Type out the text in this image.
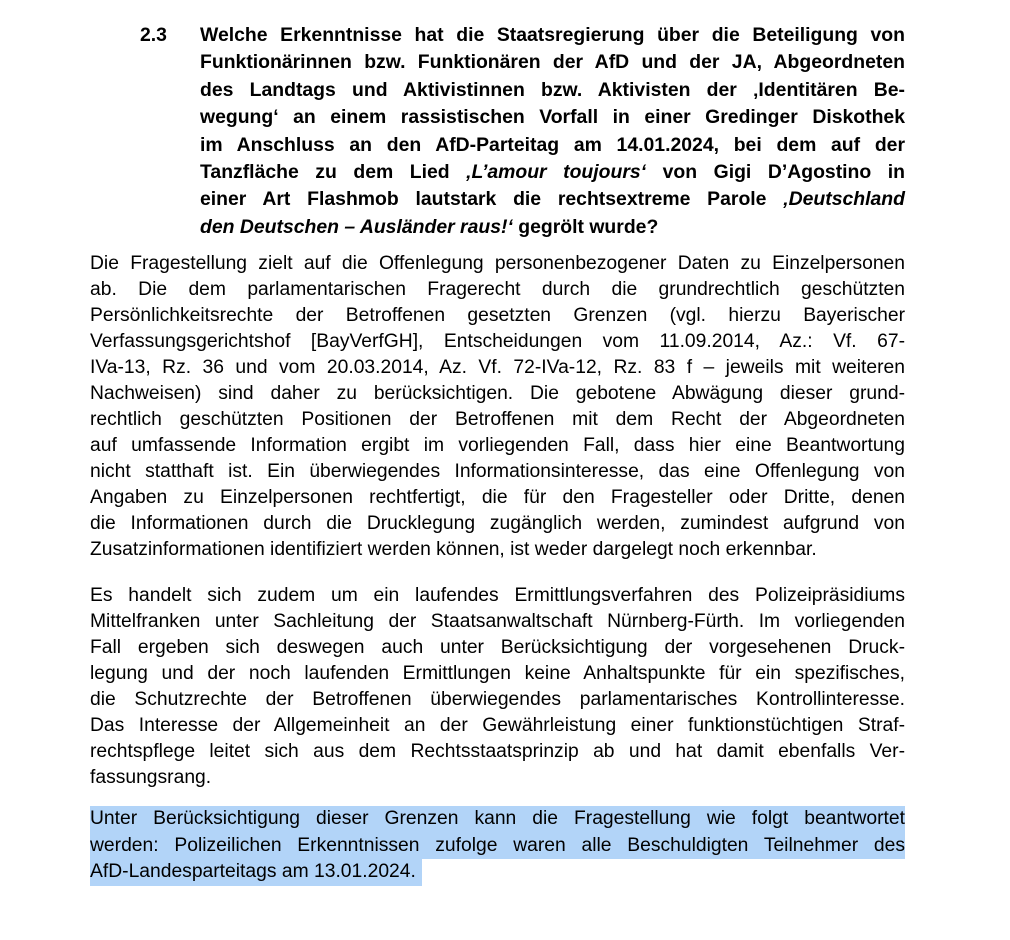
2.3	Welche Erkenntnisse hat die Staatsregierung über die Beteiligung von
Funktionärinnen bzw. Funktionären der AfD und der JA, Abgeordneten
des Landtags und Aktivistinnen bzw. Aktivisten der ‚Identitären Be-
wegung‘ an einem rassistischen Vorfall in einer Gredinger Diskothek
im Anschluss an den AfD-Parteitag am 14.01.2024, bei dem auf der
Tanzfläche zu dem Lied ‚L’amour toujours‘ von Gigi D’Agostino in
einer Art Flashmob lautstark die rechtsextreme Parole ‚Deutschland
den Deutschen – Ausländer raus!‘ gegrölt wurde?
Die Fragestellung zielt auf die Offenlegung personenbezogener Daten zu Einzelpersonen
ab. Die dem parlamentarischen Fragerecht durch die grundrechtlich geschützten
Persönlichkeitsrechte der Betroffenen gesetzten Grenzen (vgl. hierzu Bayerischer
Verfassungsgerichtshof [BayVerfGH], Entscheidungen vom 11.09.2014, Az.: Vf. 67-
IVa-13, Rz. 36 und vom 20.03.2014, Az. Vf. 72-IVa-12, Rz. 83 f – jeweils mit weiteren
Nachweisen) sind daher zu berücksichtigen. Die gebotene Abwägung dieser grund-
rechtlich geschützten Positionen der Betroffenen mit dem Recht der Abgeordneten
auf umfassende Information ergibt im vorliegenden Fall, dass hier eine Beantwortung
nicht statthaft ist. Ein überwiegendes Informationsinteresse, das eine Offenlegung von
Angaben zu Einzelpersonen rechtfertigt, die für den Fragesteller oder Dritte, denen
die Informationen durch die Drucklegung zugänglich werden, zumindest aufgrund von
Zusatzinformationen identifiziert werden können, ist weder dargelegt noch erkennbar.
Es handelt sich zudem um ein laufendes Ermittlungsverfahren des Polizeipräsidiums
Mittelfranken unter Sachleitung der Staatsanwaltschaft Nürnberg-Fürth. Im vorliegenden
Fall ergeben sich deswegen auch unter Berücksichtigung der vorgesehenen Druck-
legung und der noch laufenden Ermittlungen keine Anhaltspunkte für ein spezifisches,
die Schutzrechte der Betroffenen überwiegendes parlamentarisches Kontrollinteresse.
Das Interesse der Allgemeinheit an der Gewährleistung einer funktionstüchtigen Straf-
rechtspflege leitet sich aus dem Rechtsstaatsprinzip ab und hat damit ebenfalls Ver-
fassungsrang.
Unter Berücksichtigung dieser Grenzen kann die Fragestellung wie folgt beantwortet
werden: Polizeilichen Erkenntnissen zufolge waren alle Beschuldigten Teilnehmer des
AfD-Landesparteitags am 13.01.2024.
